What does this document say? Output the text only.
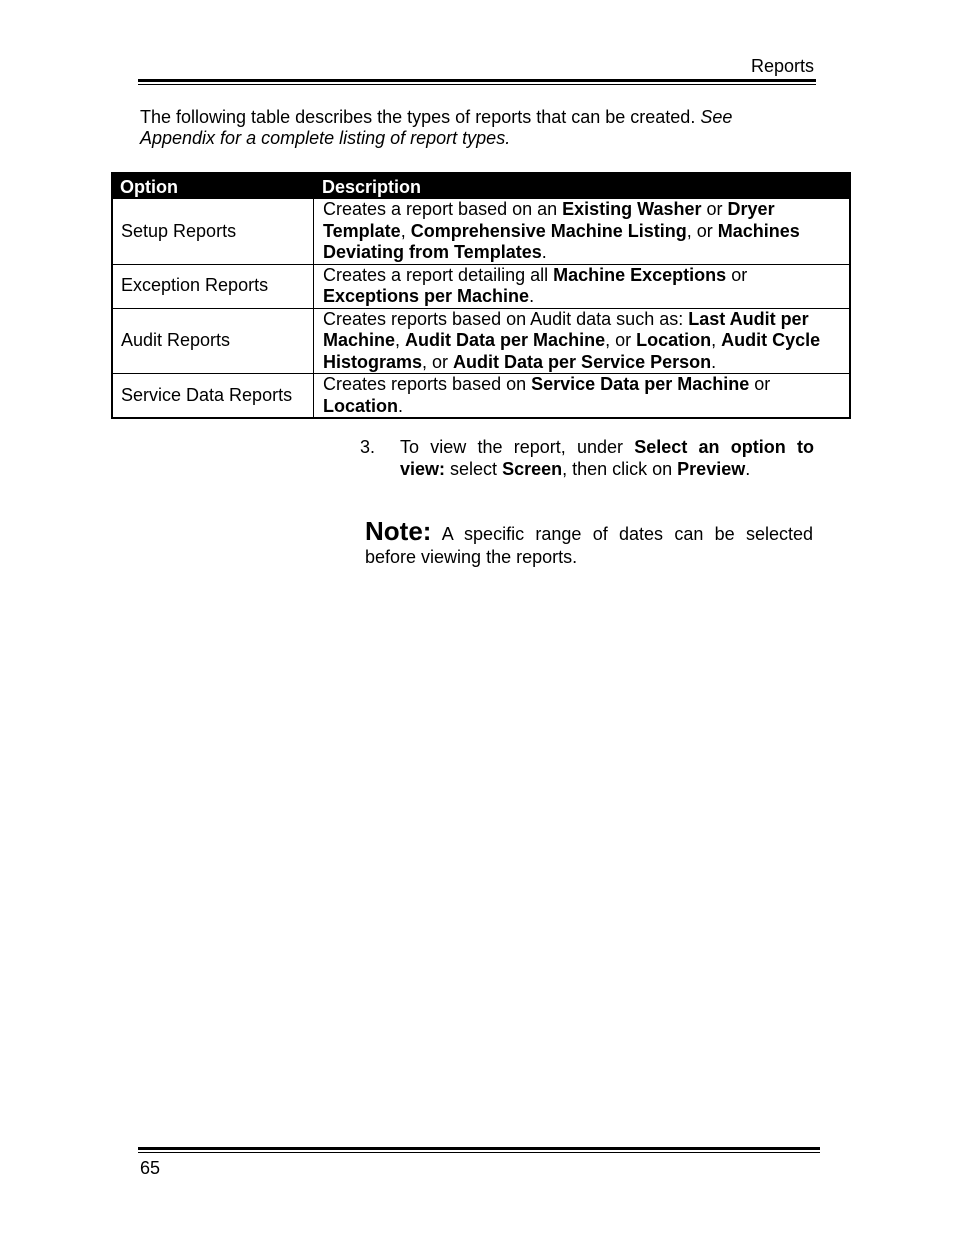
Reports
The following table describes the types of reports that can be created. See Appendix for a complete listing of report types.
Option	Description
Setup Reports	Creates a report based on an Existing Washer or Dryer Template, Comprehensive Machine Listing, or Machines Deviating from Templates.
Exception Reports	Creates a report detailing all Machine Exceptions or Exceptions per Machine.
Audit Reports	Creates reports based on Audit data such as: Last Audit per Machine, Audit Data per Machine, or Location, Audit Cycle Histograms, or Audit Data per Service Person.
Service Data Reports	Creates reports based on Service Data per Machine or Location.
3. To view the report, under Select an option to view: select Screen, then click on Preview.
Note: A specific range of dates can be selected before viewing the reports.
65
